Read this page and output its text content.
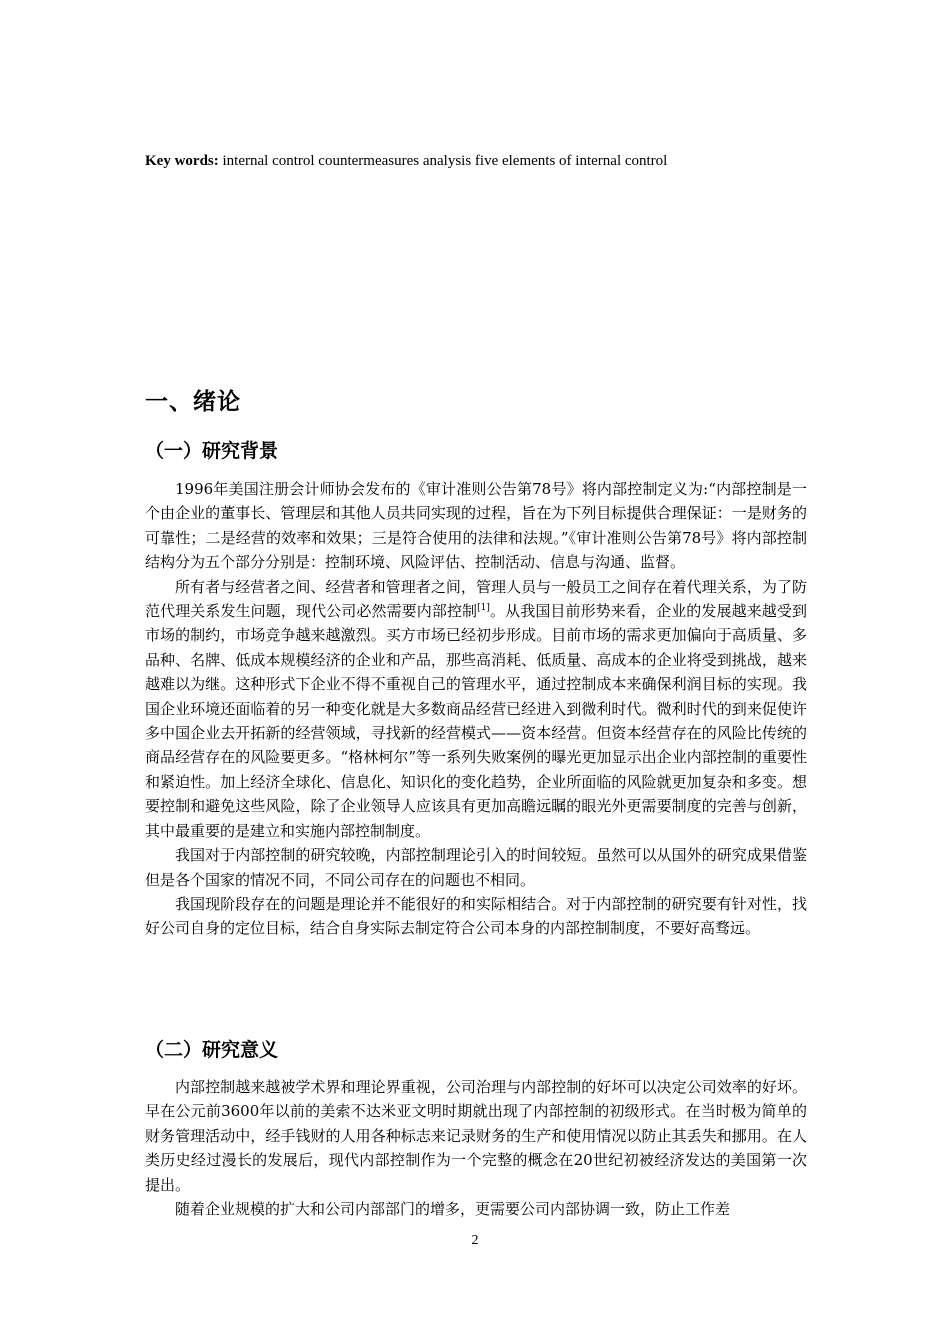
Key words: internal control countermeasures analysis five elements of internal control
一、绪论
（一）研究背景

1996年美国注册会计师协会发布的《审计准则公告第78号》将内部控制定义为:“内部控制是一个由企业的董事长、管理层和其他人员共同实现的过程，旨在为下列目标提供合理保证：一是财务的可靠性；二是经营的效率和效果；三是符合使用的法律和法规。”《审计准则公告第78号》将内部控制结构分为五个部分分别是：控制环境、风险评估、控制活动、信息与沟通、监督。

所有者与经营者之间、经营者和管理者之间，管理人员与一般员工之间存在着代理关系，为了防范代理关系发生问题，现代公司必然需要内部控制[1]。从我国目前形势来看，企业的发展越来越受到市场的制约，市场竞争越来越激烈。买方市场已经初步形成。目前市场的需求更加偏向于高质量、多品种、名牌、低成本规模经济的企业和产品，那些高消耗、低质量、高成本的企业将受到挑战，越来越难以为继。这种形式下企业不得不重视自己的管理水平，通过控制成本来确保利润目标的实现。我国企业环境还面临着的另一种变化就是大多数商品经营已经进入到微利时代。微利时代的到来促使许多中国企业去开拓新的经营领域，寻找新的经营模式——资本经营。但资本经营存在的风险比传统的商品经营存在的风险要更多。“格林柯尔”等一系列失败案例的曝光更加显示出企业内部控制的重要性和紧迫性。加上经济全球化、信息化、知识化的变化趋势，企业所面临的风险就更加复杂和多变。想要控制和避免这些风险，除了企业领导人应该具有更加高瞻远瞩的眼光外更需要制度的完善与创新，其中最重要的是建立和实施内部控制制度。

我国对于内部控制的研究较晚，内部控制理论引入的时间较短。虽然可以从国外的研究成果借鉴但是各个国家的情况不同，不同公司存在的问题也不相同。

我国现阶段存在的问题是理论并不能很好的和实际相结合。对于内部控制的研究要有针对性，找好公司自身的定位目标，结合自身实际去制定符合公司本身的内部控制制度，不要好高骛远。

（二）研究意义

内部控制越来越被学术界和理论界重视，公司治理与内部控制的好坏可以决定公司效率的好坏。早在公元前3600年以前的美索不达米亚文明时期就出现了内部控制的初级形式。在当时极为简单的财务管理活动中，经手钱财的人用各种标志来记录财务的生产和使用情况以防止其丢失和挪用。在人类历史经过漫长的发展后，现代内部控制作为一个完整的概念在20世纪初被经济发达的美国第一次提出。

随着企业规模的扩大和公司内部部门的增多，更需要公司内部协调一致，防止工作差

2
